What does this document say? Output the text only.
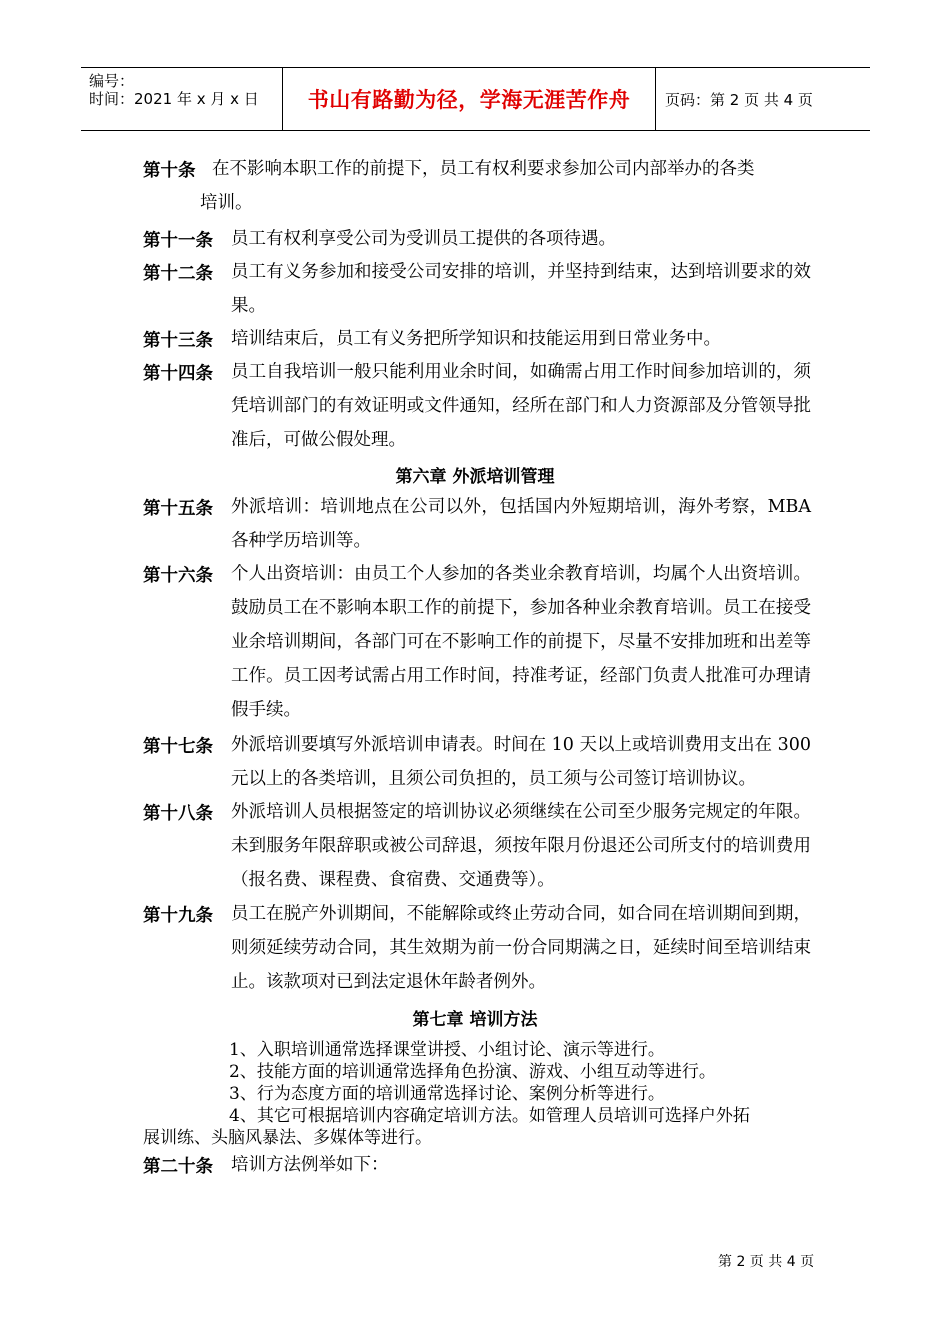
编号：
时间：2021 年 x 月 x 日 书山有路勤为径，学海无涯苦作舟 页码：第 2 页 共 4 页
第十条 在不影响本职工作的前提下，员工有权利要求参加公司内部举办的各类
培训。
第十一条 员工有权利享受公司为受训员工提供的各项待遇。
第十二条 员工有义务参加和接受公司安排的培训，并坚持到结束，达到培训要求的效果。
第十三条 培训结束后，员工有义务把所学知识和技能运用到日常业务中。
第十四条 员工自我培训一般只能利用业余时间，如确需占用工作时间参加培训的，须凭培训部门的有效证明或文件通知，经所在部门和人力资源部及分管领导批准后，可做公假处理。
第六章 外派培训管理
第十五条 外派培训：培训地点在公司以外，包括国内外短期培训，海外考察，MBA 各种学历培训等。
第十六条 个人出资培训：由员工个人参加的各类业余教育培训，均属个人出资培训。鼓励员工在不影响本职工作的前提下，参加各种业余教育培训。员工在接受业余培训期间，各部门可在不影响工作的前提下，尽量不安排加班和出差等工作。员工因考试需占用工作时间，持准考证，经部门负责人批准可办理请假手续。
第十七条 外派培训要填写外派培训申请表。时间在 10 天以上或培训费用支出在 300 元以上的各类培训，且须公司负担的，员工须与公司签订培训协议。
第十八条 外派培训人员根据签定的培训协议必须继续在公司至少服务完规定的年限。未到服务年限辞职或被公司辞退，须按年限月份退还公司所支付的培训费用（报名费、课程费、食宿费、交通费等）。
第十九条 员工在脱产外训期间，不能解除或终止劳动合同，如合同在培训期间到期，则须延续劳动合同，其生效期为前一份合同期满之日，延续时间至培训结束止。该款项对已到法定退休年龄者例外。
第七章 培训方法
1、入职培训通常选择课堂讲授、小组讨论、演示等进行。
2、技能方面的培训通常选择角色扮演、游戏、小组互动等进行。
3、行为态度方面的培训通常选择讨论、案例分析等进行。
4、其它可根据培训内容确定培训方法。如管理人员培训可选择户外拓
展训练、头脑风暴法、多媒体等进行。
第二十条 培训方法例举如下：
第 2 页 共 4 页
